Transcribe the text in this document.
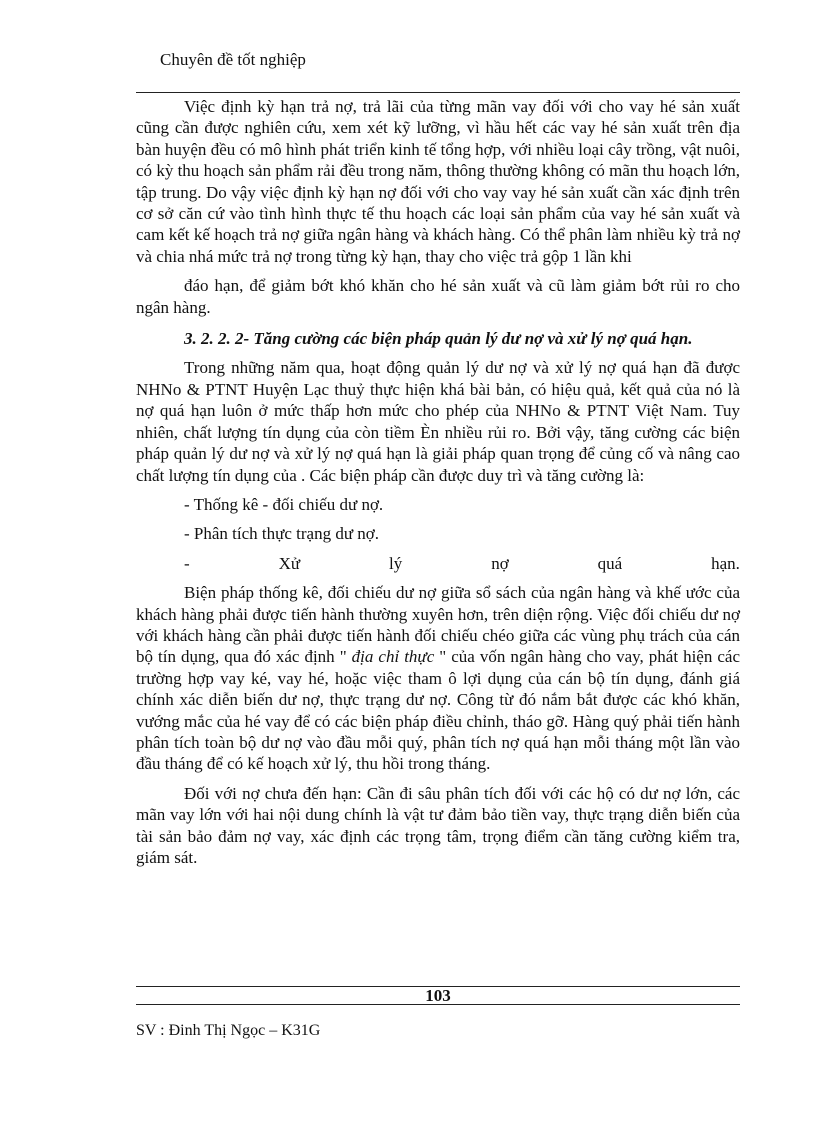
Chuyên đề tốt nghiệp

Việc định kỳ hạn trả nợ, trả lãi của từng mãn vay đối với cho vay hé sản xuất cũng cần được nghiên cứu, xem xét kỹ lưỡng, vì hầu hết các vay hé sản xuất trên địa bàn huyện đều có mô hình phát triển kinh tế tổng hợp, với nhiều loại cây trồng, vật nuôi, có kỳ thu hoạch sản phẩm rải đều trong năm, thông thường không có mãn thu hoạch lớn, tập trung. Do vậy việc định kỳ hạn nợ đối với cho vay vay hé sản xuất cần xác định trên cơ sở căn cứ vào tình hình thực tế thu hoạch các loại sản phẩm của vay hé sản xuất và cam kết kế hoạch trả nợ giữa ngân hàng và khách hàng. Có thể phân làm nhiều kỳ trả nợ và chia nhá mức trả nợ trong từng kỳ hạn, thay cho việc trả gộp 1 lần khi

đáo hạn, để giảm bớt khó khăn cho hé sản xuất và cũ làm giảm bớt rủi ro cho ngân hàng.

3. 2. 2. 2- Tăng cường các biện pháp quản lý dư nợ và xử lý nợ quá hạn.

Trong những năm qua, hoạt động quản lý dư nợ và xử lý nợ quá hạn đã được NHNo & PTNT Huyện Lạc thuỷ thực hiện khá bài bản, có hiệu quả, kết quả của nó là nợ quá hạn luôn ở mức thấp hơn mức cho phép của NHNo & PTNT Việt Nam. Tuy nhiên, chất lượng tín dụng của còn tiềm Èn nhiều rủi ro. Bởi vậy, tăng cường các biện pháp quản lý dư nợ và xử lý nợ quá hạn là giải pháp quan trọng để củng cố và nâng cao chất lượng tín dụng của . Các biện pháp cần được duy trì và tăng cường là:

- Thống kê - đối chiếu dư nợ.
- Phân tích thực trạng dư nợ.
-	Xử	lý	nợ	quá	hạn.

Biện pháp thống kê, đối chiếu dư nợ giữa sổ sách của ngân hàng và khế ước của khách hàng phải được tiến hành thường xuyên hơn, trên diện rộng. Việc đối chiếu dư nợ với khách hàng cần phải được tiến hành đối chiếu chéo giữa các vùng phụ trách của cán bộ tín dụng, qua đó xác định " địa chỉ thực " của vốn ngân hàng cho vay, phát hiện các trường hợp vay ké, vay hé, hoặc việc tham ô lợi dụng của cán bộ tín dụng, đánh giá chính xác diễn biến dư nợ, thực trạng dư nợ. Công từ đó nắm bắt được các khó khăn, vướng mắc của hé vay để có các biện pháp điều chỉnh, tháo gỡ. Hàng quý phải tiến hành phân tích toàn bộ dư nợ vào đầu mỗi quý, phân tích nợ quá hạn mỗi tháng một lần vào đầu tháng để có kế hoạch xử lý, thu hồi trong tháng.

Đối với nợ chưa đến hạn: Cần đi sâu phân tích đối với các hộ có dư nợ lớn, các mãn vay lớn với hai nội dung chính là vật tư đảm bảo tiền vay, thực trạng diễn biến của tài sản bảo đảm nợ vay, xác định các trọng tâm, trọng điểm cần tăng cường kiểm tra, giám sát.

103
SV : Đinh Thị Ngọc – K31G
